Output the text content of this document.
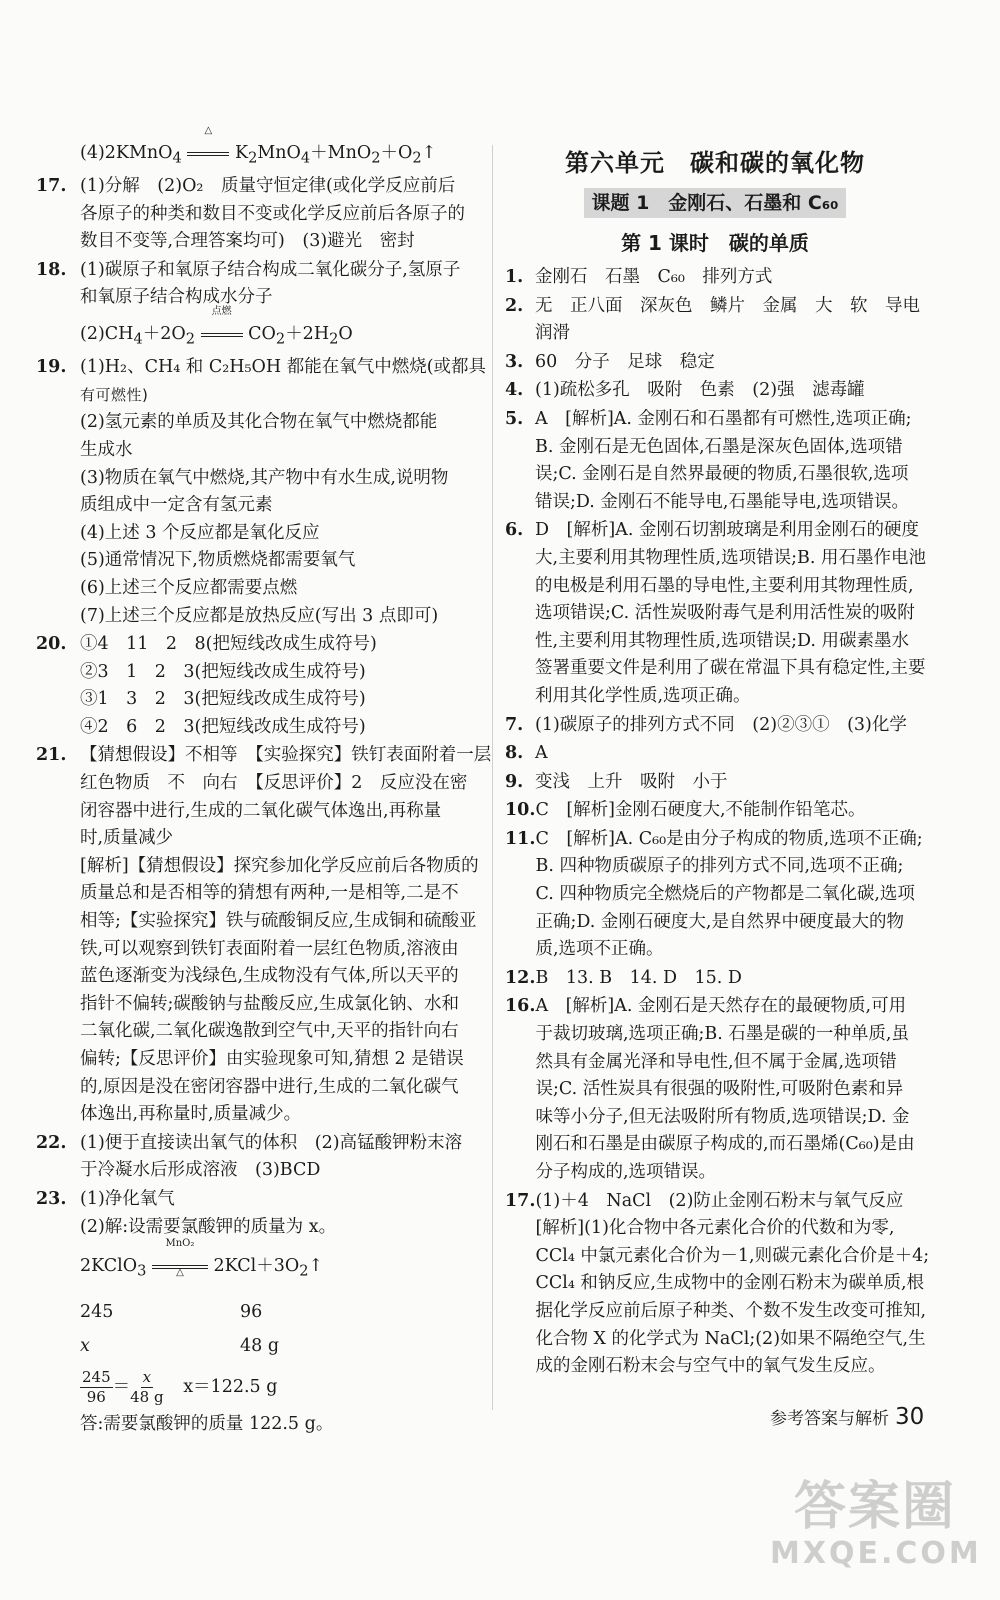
(4)2KMnO$_4$
△
$K_2MnO_4+MnO_2+O_2↑$
17. (1)分解　(2)O₂　质量守恒定律(或化学反应前后
各原子的种类和数目不变或化学反应前后各原子的
数目不变等,合理答案均可)　(3)避光　密封
18. (1)碳原子和氧原子结合构成二氧化碳分子,氢原子
和氧原子结合构成水分子
$(2)CH_4+2O_2$
点燃
$CO_2+2H_2O$
19. (1)H₂、CH₄ 和 C₂H₅OH 都能在氧气中燃烧(或都具
有可燃性)
(2)氢元素的单质及其化合物在氧气中燃烧都能
生成水
(3)物质在氧气中燃烧,其产物中有水生成,说明物
质组成中一定含有氢元素
(4)上述 3 个反应都是氧化反应
(5)通常情况下,物质燃烧都需要氧气
(6)上述三个反应都需要点燃
(7)上述三个反应都是放热反应(写出 3 点即可)
20. ①4　11　2　8(把短线改成生成符号)
②3　1　2　3(把短线改成生成符号)
③1　3　2　3(把短线改成生成符号)
④2　6　2　3(把短线改成生成符号)
21. 【猜想假设】不相等　【实验探究】铁钉表面附着一层
红色物质　不　向右　【反思评价】2　反应没在密
闭容器中进行,生成的二氧化碳气体逸出,再称量
时,质量减少
[解析]【猜想假设】探究参加化学反应前后各物质的
质量总和是否相等的猜想有两种,一是相等,二是不
相等;【实验探究】铁与硫酸铜反应,生成铜和硫酸亚
铁,可以观察到铁钉表面附着一层红色物质,溶液由
蓝色逐渐变为浅绿色,生成物没有气体,所以天平的
指针不偏转;碳酸钠与盐酸反应,生成氯化钠、水和
二氧化碳,二氧化碳逸散到空气中,天平的指针向右
偏转;【反思评价】由实验现象可知,猜想 2 是错误
的,原因是没在密闭容器中进行,生成的二氧化碳气
体逸出,再称量时,质量减少。
22. (1)便于直接读出氧气的体积　(2)高锰酸钾粉末溶
于冷凝水后形成溶液　(3)BCD
23. (1)净化氧气
(2)解:设需要氯酸钾的质量为 x。
2KClO$_3$
MnO₂
△	$2KCl+3O_2↑$
245	96
x	48 g
$\frac{245}{96} = \frac{x}{48 g} x=122.5$ g
答:需要氯酸钾的质量 122.5 g。
第六单元　碳和碳的氧化物
课题 1　金刚石、石墨和 C₆₀
第 1 课时　碳的单质
1. 金刚石　石墨　C₆₀　排列方式
2. 无　正八面　深灰色　鳞片　金属　大　软　导电
润滑
3. 60　分子　足球　稳定
4. (1)疏松多孔　吸附　色素　(2)强　滤毒罐
5. A　[解析]A. 金刚石和石墨都有可燃性,选项正确;
B. 金刚石是无色固体,石墨是深灰色固体,选项错
误;C. 金刚石是自然界最硬的物质,石墨很软,选项
错误;D. 金刚石不能导电,石墨能导电,选项错误。
6. D　[解析]A. 金刚石切割玻璃是利用金刚石的硬度
大,主要利用其物理性质,选项错误;B. 用石墨作电池
的电极是利用石墨的导电性,主要利用其物理性质,
选项错误;C. 活性炭吸附毒气是利用活性炭的吸附
性,主要利用其物理性质,选项错误;D. 用碳素墨水
签署重要文件是利用了碳在常温下具有稳定性,主要
利用其化学性质,选项正确。
7. (1)碳原子的排列方式不同　(2)②③①　(3)化学
8. A
9. 变浅　上升　吸附　小于
10. C　[解析]金刚石硬度大,不能制作铅笔芯。
11. C　[解析]A. C₆₀是由分子构成的物质,选项不正确;
B. 四种物质碳原子的排列方式不同,选项不正确;
C. 四种物质完全燃烧后的产物都是二氧化碳,选项
正确;D. 金刚石硬度大,是自然界中硬度最大的物
质,选项不正确。
12. B　13. B　14. D　15. D
16. A　[解析]A. 金刚石是天然存在的最硬物质,可用
于裁切玻璃,选项正确;B. 石墨是碳的一种单质,虽
然具有金属光泽和导电性,但不属于金属,选项错
误;C. 活性炭具有很强的吸附性,可吸附色素和异
味等小分子,但无法吸附所有物质,选项错误;D. 金
刚石和石墨是由碳原子构成的,而石墨烯(C₆₀)是由
分子构成的,选项错误。
17. (1)＋4　NaCl　(2)防止金刚石粉末与氧气反应
[解析](1)化合物中各元素化合价的代数和为零,
CCl₄ 中氯元素化合价为－1,则碳元素化合价是＋4;
CCl₄ 和钠反应,生成物中的金刚石粉末为碳单质,根
据化学反应前后原子种类、个数不发生改变可推知,
化合物 X 的化学式为 NaCl;(2)如果不隔绝空气,生
成的金刚石粉末会与空气中的氧气发生反应。
参考答案与解析 30
答案圈
MXQE.COM
